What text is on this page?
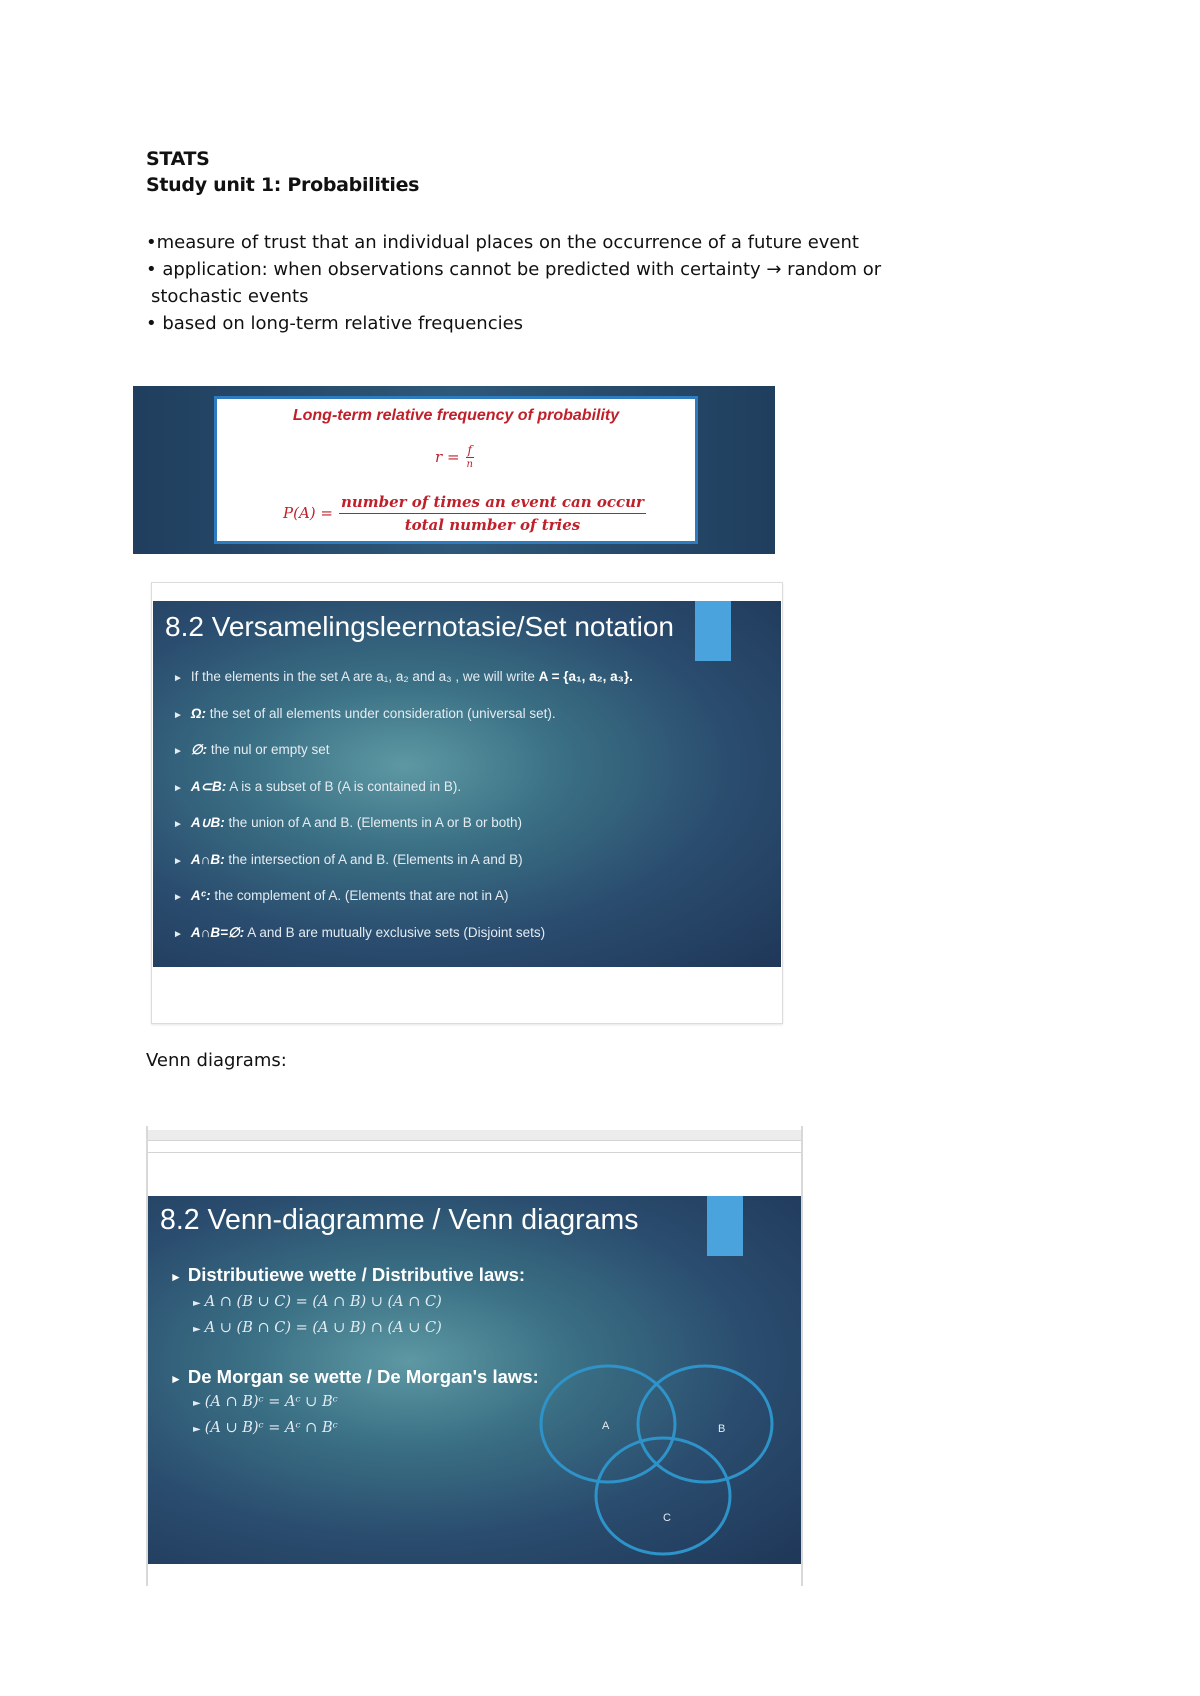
STATS
Study unit 1: Probabilities
•measure of trust that an individual places on the occurrence of a future event
• application: when observations cannot be predicted with certainty → random or
stochastic events
• based on long-term relative frequencies
Long-term relative frequency of probability
r = f
n
P(A) =
number of times an event can occur
total number of tries
8.2 Versamelingsleernotasie/Set notation
► If the elements in the set A are a₁, a₂ and a₃ , we will write A = {a₁, a₂, a₃}.
► Ω: the set of all elements under consideration (universal set).
► ∅: the nul or empty set
► A⊂B: A is a subset of B (A is contained in B).
► A∪B: the union of A and B. (Elements in A or B or both)
► A∩B: the intersection of A and B. (Elements in A and B)
► Aᶜ: the complement of A. (Elements that are not in A)
► A∩B=∅: A and B are mutually exclusive sets (Disjoint sets)
Venn diagrams:
8.2 Venn-diagramme / Venn diagrams
► Distributiewe wette / Distributive laws:
► A ∩ (B ∪ C) = (A ∩ B) ∪ (A ∩ C)
► A ∪ (B ∩ C) = (A ∪ B) ∩ (A ∪ C)
► De Morgan se wette / De Morgan's laws:
► (A ∩ B)ᶜ = Aᶜ ∪ Bᶜ
► (A ∪ B)ᶜ = Aᶜ ∩ Bᶜ	A	B
C
